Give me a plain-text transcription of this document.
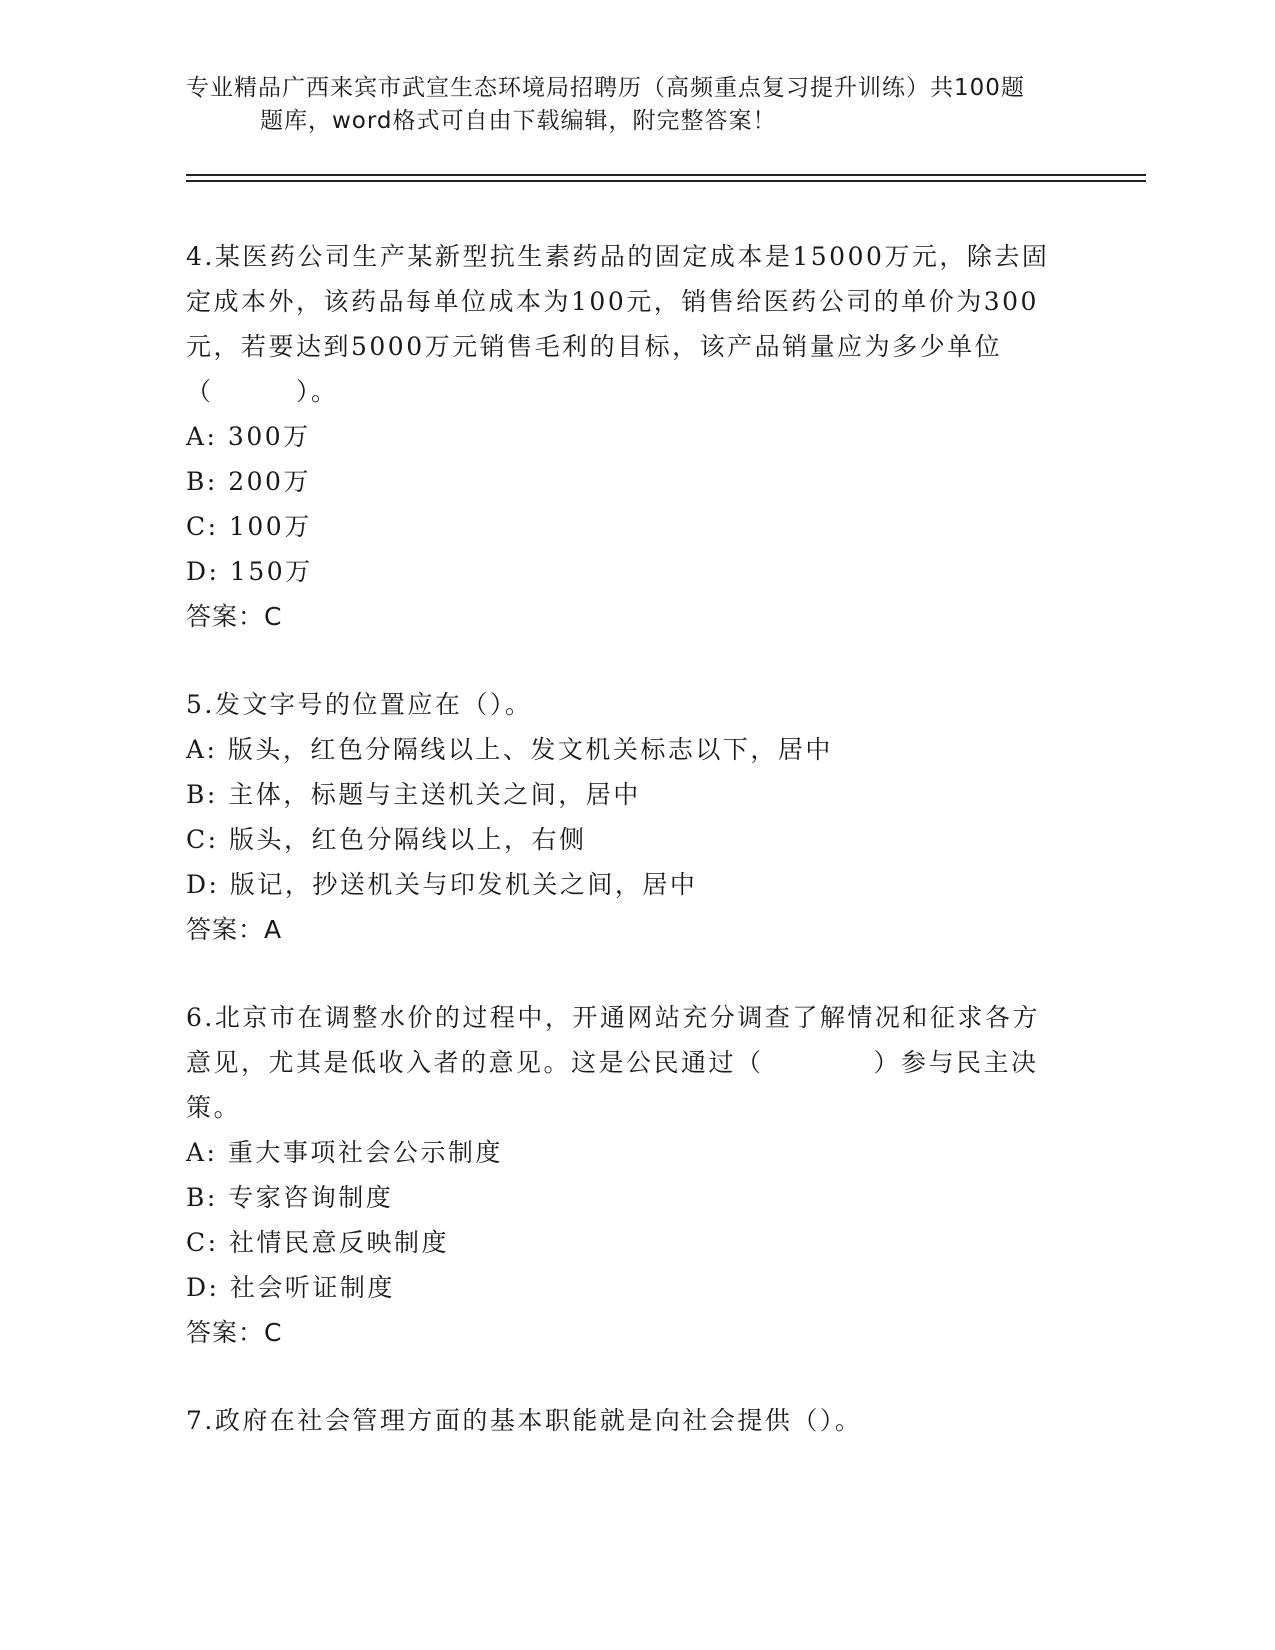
专业精品广西来宾市武宣生态环境局招聘历（高频重点复习提升训练）共100题
题库，word格式可自由下载编辑，附完整答案！

4.某医药公司生产某新型抗生素药品的固定成本是15000万元，除去固定成本外，该药品每单位成本为100元，销售给医药公司的单价为300元，若要达到5000万元销售毛利的目标，该产品销量应为多少单位（　　　）。

A: 300万

B: 200万

C: 100万

D: 150万

答案：C

5.发文字号的位置应在（）。

A: 版头，红色分隔线以上、发文机关标志以下，居中

B: 主体，标题与主送机关之间，居中

C: 版头，红色分隔线以上，右侧

D: 版记，抄送机关与印发机关之间，居中

答案：A

6.北京市在调整水价的过程中，开通网站充分调查了解情况和征求各方意见，尤其是低收入者的意见。这是公民通过（　　　　）参与民主决策。

A: 重大事项社会公示制度

B: 专家咨询制度

C: 社情民意反映制度

D: 社会听证制度

答案：C

7.政府在社会管理方面的基本职能就是向社会提供（）。
